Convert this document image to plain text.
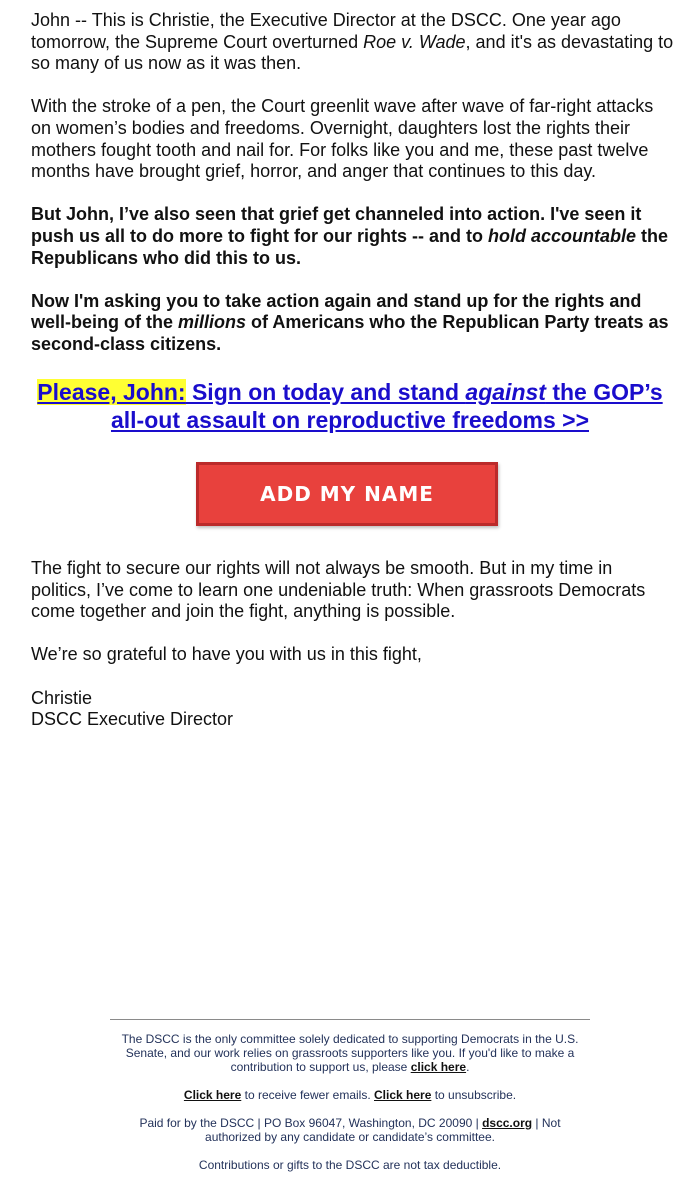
John -- This is Christie, the Executive Director at the DSCC. One year ago tomorrow, the Supreme Court overturned Roe v. Wade, and it's as devastating to so many of us now as it was then.

With the stroke of a pen, the Court greenlit wave after wave of far-right attacks on women’s bodies and freedoms. Overnight, daughters lost the rights their mothers fought tooth and nail for. For folks like you and me, these past twelve months have brought grief, horror, and anger that continues to this day.

But John, I’ve also seen that grief get channeled into action. I've seen it push us all to do more to fight for our rights -- and to hold accountable the Republicans who did this to us.

Now I'm asking you to take action again and stand up for the rights and well-being of the millions of Americans who the Republican Party treats as second-class citizens.

Please, John: Sign on today and stand against the GOP’s all-out assault on reproductive freedoms >>
ADD MY NAME

The fight to secure our rights will not always be smooth. But in my time in politics, I’ve come to learn one undeniable truth: When grassroots Democrats come together and join the fight, anything is possible.

We’re so grateful to have you with us in this fight,

Christie
DSCC Executive Director

The DSCC is the only committee solely dedicated to supporting Democrats in the U.S. Senate, and our work relies on grassroots supporters like you. If you'd like to make a contribution to support us, please click here.

Click here to receive fewer emails. Click here to unsubscribe.

Paid for by the DSCC | PO Box 96047, Washington, DC 20090 | dscc.org | Not authorized by any candidate or candidate’s committee.

Contributions or gifts to the DSCC are not tax deductible.
